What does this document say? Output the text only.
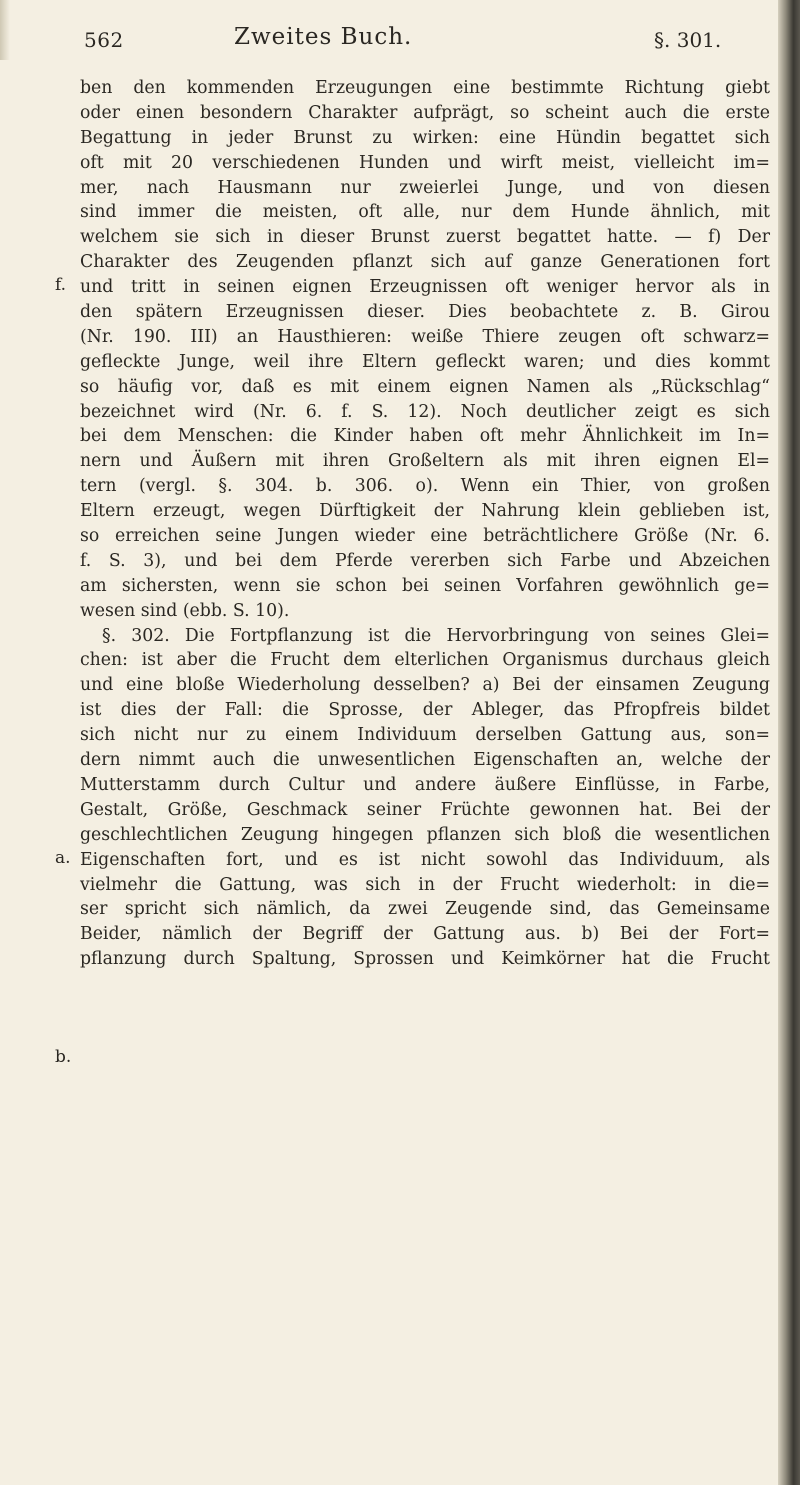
562	Zweites Buch.	§. 301.
ben den kommenden Erzeugungen eine bestimmte Richtung giebt
oder einen besondern Charakter aufprägt, so scheint auch die erste
Begattung in jeder Brunst zu wirken: eine Hündin begattet sich
oft mit 20 verschiedenen Hunden und wirft meist, vielleicht im=
mer, nach Hausmann nur zweierlei Junge, und von diesen
sind immer die meisten, oft alle, nur dem Hunde ähnlich, mit
welchem sie sich in dieser Brunst zuerst begattet hatte. — f) Der
Charakter des Zeugenden pflanzt sich auf ganze Generationen fort
und tritt in seinen eignen Erzeugnissen oft weniger hervor als in
den spätern Erzeugnissen dieser. Dies beobachtete z. B. Girou
(Nr. 190. III) an Hausthieren: weiße Thiere zeugen oft schwarz=
gefleckte Junge, weil ihre Eltern gefleckt waren; und dies kommt
so häufig vor, daß es mit einem eignen Namen als „Rückschlag“
bezeichnet wird (Nr. 6. f. S. 12). Noch deutlicher zeigt es sich
bei dem Menschen: die Kinder haben oft mehr Ähnlichkeit im In=
nern und Äußern mit ihren Großeltern als mit ihren eignen El=
tern (vergl. §. 304. b. 306. o). Wenn ein Thier, von großen
Eltern erzeugt, wegen Dürftigkeit der Nahrung klein geblieben ist,
so erreichen seine Jungen wieder eine beträchtlichere Größe (Nr. 6.
f. S. 3), und bei dem Pferde vererben sich Farbe und Abzeichen
am sichersten, wenn sie schon bei seinen Vorfahren gewöhnlich ge=
wesen sind (ebb. S. 10).
§. 302. Die Fortpflanzung ist die Hervorbringung von seines Glei=
chen: ist aber die Frucht dem elterlichen Organismus durchaus gleich
und eine bloße Wiederholung desselben? a) Bei der einsamen Zeugung
ist dies der Fall: die Sprosse, der Ableger, das Pfropfreis bildet
sich nicht nur zu einem Individuum derselben Gattung aus, son=
dern nimmt auch die unwesentlichen Eigenschaften an, welche der
Mutterstamm durch Cultur und andere äußere Einflüsse, in Farbe,
Gestalt, Größe, Geschmack seiner Früchte gewonnen hat. Bei der
geschlechtlichen Zeugung hingegen pflanzen sich bloß die wesentlichen
Eigenschaften fort, und es ist nicht sowohl das Individuum, als
vielmehr die Gattung, was sich in der Frucht wiederholt: in die=
ser spricht sich nämlich, da zwei Zeugende sind, das Gemeinsame
Beider, nämlich der Begriff der Gattung aus. b) Bei der Fort=
pflanzung durch Spaltung, Sprossen und Keimkörner hat die Frucht
f.
a.
b.
